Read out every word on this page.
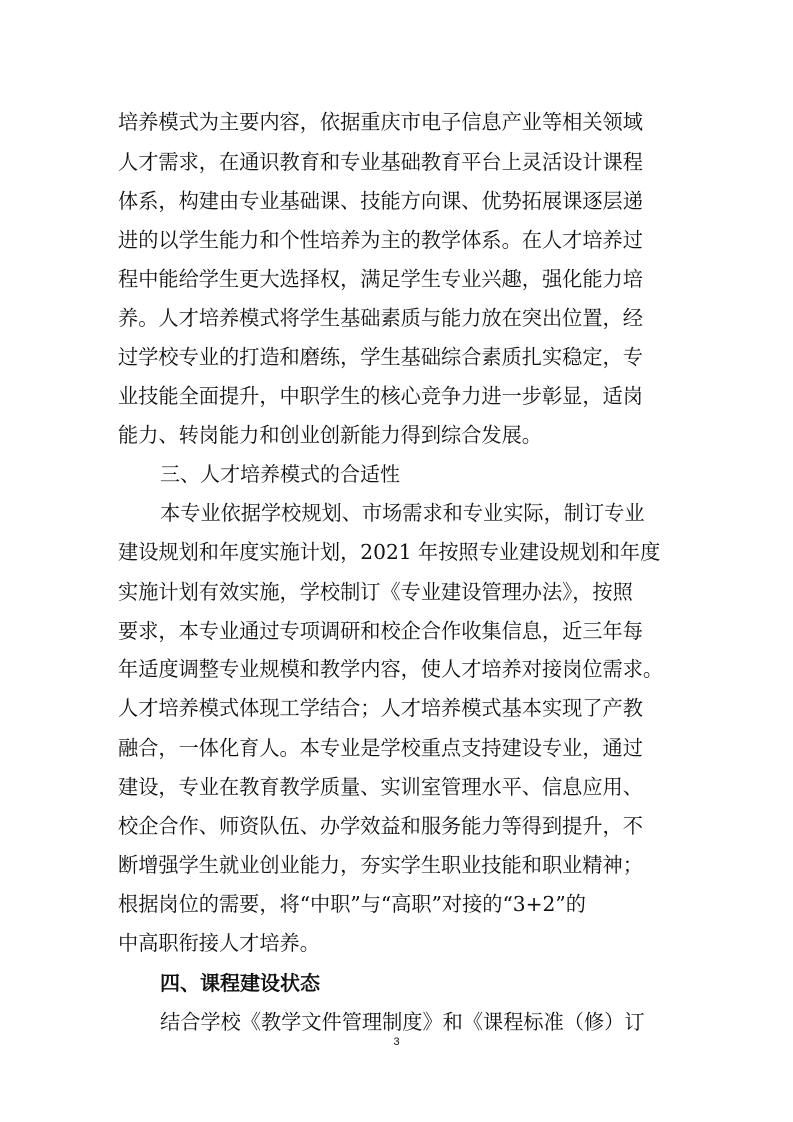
培养模式为主要内容，依据重庆市电子信息产业等相关领域
人才需求，在通识教育和专业基础教育平台上灵活设计课程
体系，构建由专业基础课、技能方向课、优势拓展课逐层递
进的以学生能力和个性培养为主的教学体系。在人才培养过
程中能给学生更大选择权，满足学生专业兴趣，强化能力培
养。人才培养模式将学生基础素质与能力放在突出位置，经
过学校专业的打造和磨练，学生基础综合素质扎实稳定，专
业技能全面提升，中职学生的核心竞争力进一步彰显，适岗
能力、转岗能力和创业创新能力得到综合发展。
三、人才培养模式的合适性
本专业依据学校规划、市场需求和专业实际，制订专业
建设规划和年度实施计划，2021 年按照专业建设规划和年度
实施计划有效实施，学校制订《专业建设管理办法》，按照
要求，本专业通过专项调研和校企合作收集信息，近三年每
年适度调整专业规模和教学内容，使人才培养对接岗位需求。
人才培养模式体现工学结合；人才培养模式基本实现了产教
融合，一体化育人。本专业是学校重点支持建设专业，通过
建设，专业在教育教学质量、实训室管理水平、信息应用、
校企合作、师资队伍、办学效益和服务能力等得到提升，不
断增强学生就业创业能力，夯实学生职业技能和职业精神；
根据岗位的需要，将“中职”与“高职”对接的“3+2”的
中高职衔接人才培养。
四、课程建设状态
结合学校《教学文件管理制度》和《课程标准（修）订
3
